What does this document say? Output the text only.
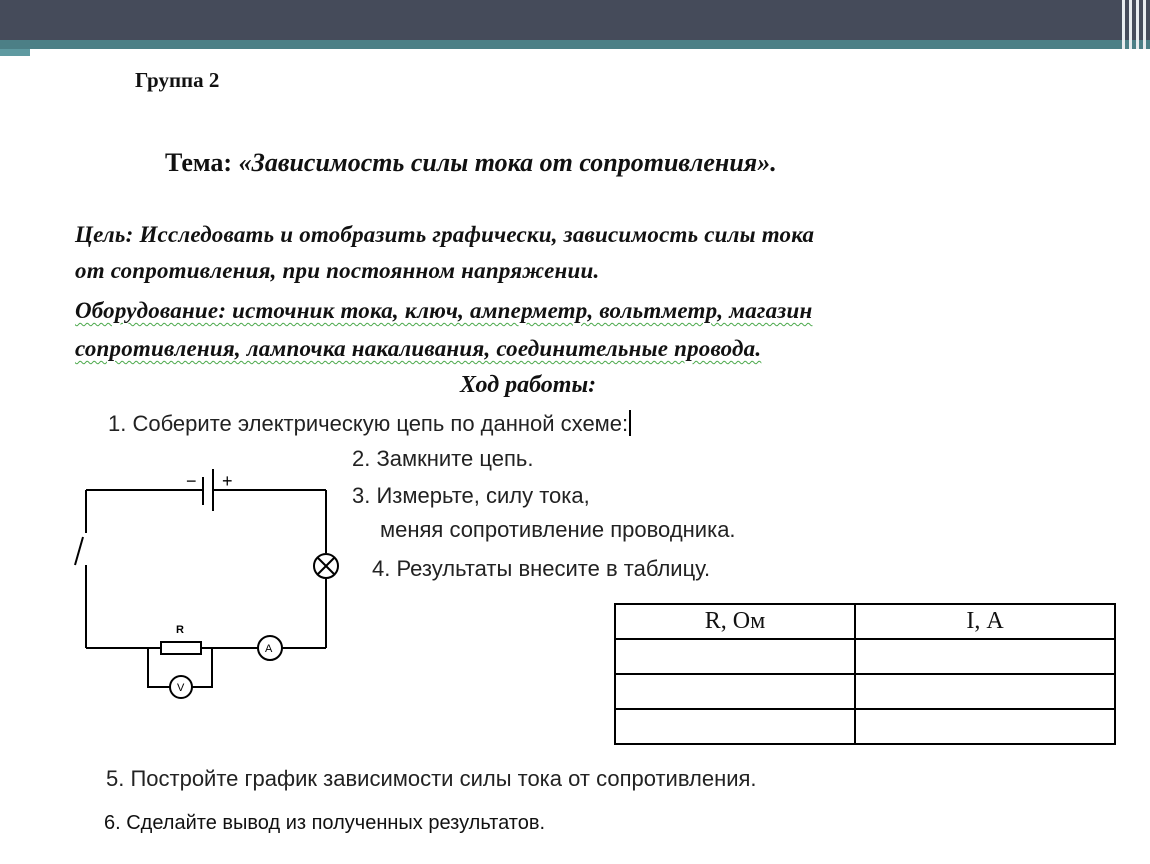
Группа 2
Тема: «Зависимость силы тока от сопротивления».
Цель: Исследовать и отобразить графически, зависимость силы тока
от сопротивления, при постоянном напряжении.
Оборудование: источник тока, ключ, амперметр, вольтметр, магазин
сопротивления, лампочка накаливания, соединительные провода.
Ход работы:
1. Соберите электрическую цепь по данной схеме:
2. Замкните цепь.
3. Измерьте, силу тока,
меняя сопротивление проводника.
4. Результаты внесите в таблицу.
− +
R
A
V
R, Ом	I, А

5. Постройте график зависимости силы тока от сопротивления.
6. Сделайте вывод из полученных результатов.
